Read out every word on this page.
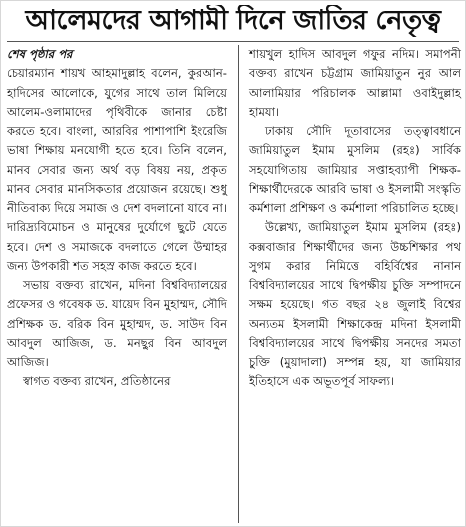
আলেমদের আগামী দিনে জাতির নেতৃত্ব

শেষ পৃষ্ঠার পর

চেয়ারম্যান শায়খ আহমাদুল্লাহ বলেন, কুরআন-হাদিসের আলোকে, যুগের সাথে তাল মিলিয়ে আলেম-ওলামাদের পৃথিবীকে জানার চেষ্টা করতে হবে। বাংলা, আরবির পাশাপাশি ইংরেজি ভাষা শিক্ষায় মনযোগী হতে হবে। তিনি বলেন, মানব সেবার জন্য অর্থ বড় বিষয় নয়, প্রকৃত মানব সেবার মানসিকতার প্রয়োজন রয়েছে। শুধু নীতিবাক্য দিয়ে সমাজ ও দেশ বদলানো যাবে না। দারিদ্র্যবিমোচন ও মানুষের দুর্যোগে ছুটে যেতে হবে। দেশ ও সমাজকে বদলাতে গেলে উম্মাহর জন্য উপকারী শত সহস্র কাজ করতে হবে।

সভায় বক্তব্য রাখেন, মদিনা বিশ্ববিদ্যালয়ের প্রফেসর ও গবেষক ড. যায়েদ বিন মুহাম্মদ, সৌদি প্রশিক্ষক ড. বরিক বিন মুহাম্মদ, ড. সাউদ বিন আবদুল আজিজ, ড. মনছুর বিন আবদুল আজিজ।

স্বাগত বক্তব্য রাখেন, প্রতিষ্ঠানের

শায়খুল হাদিস আবদুল গফুর নদিম। সমাপনী বক্তব্য রাখেন চট্টগ্রাম জামিয়াতুন নুর আল আলামিয়ার পরিচালক আল্লামা ওবাইদুল্লাহ হামযা।

ঢাকায় সৌদি দূতাবাসের তত্ত্বাবধানে জামিয়াতুল ইমাম মুসলিম (রহঃ) সার্বিক সহযোগিতায় জামিয়ার সপ্তাহব্যাপী শিক্ষক-শিক্ষার্থীদেরকে আরবি ভাষা ও ইসলামী সংস্কৃতি কর্মশালা প্রশিক্ষণ ও কর্মশালা পরিচালিত হচ্ছে।

উল্লেখ্য, জামিয়াতুল ইমাম মুসলিম (রহঃ) কক্সবাজার শিক্ষার্থীদের জন্য উচ্চশিক্ষার পথ সুগম করার নিমিত্তে বহির্বিশ্বের নানান বিশ্ববিদ্যালয়ের সাথে দ্বিপক্ষীয় চুক্তি সম্পাদনে সক্ষম হয়েছে। গত বছর ২৪ জুলাই বিশ্বের অন্যতম ইসলামী শিক্ষাকেন্দ্র মদিনা ইসলামী বিশ্ববিদ্যালয়ের সাথে দ্বিপক্ষীয় সনদের সমতা চুক্তি (মুয়াদালা) সম্পন্ন হয়, যা জামিয়ার ইতিহাসে এক অভূতপূর্ব সাফল্য।
